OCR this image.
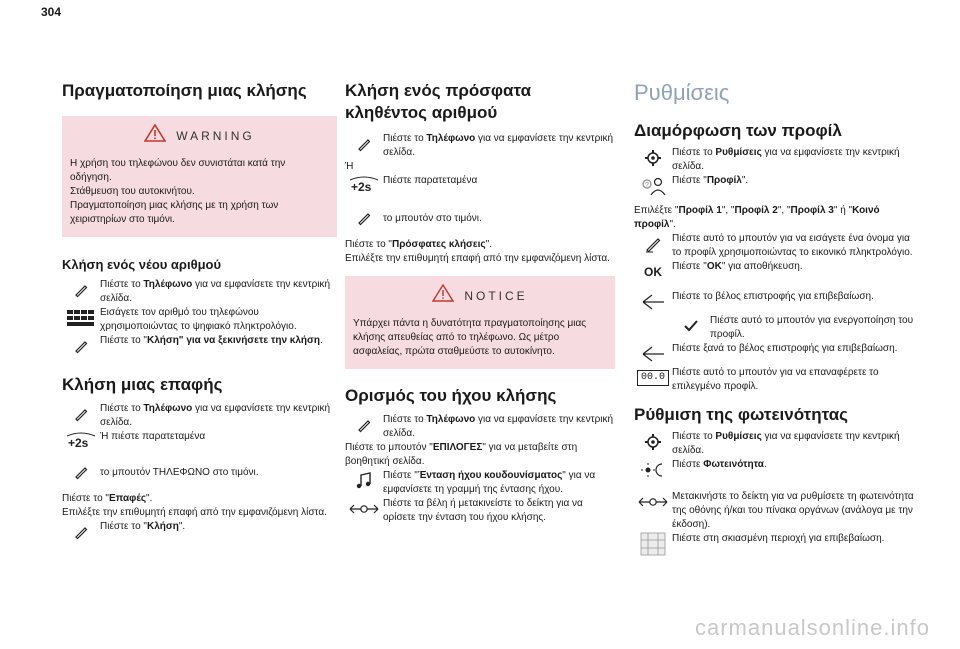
304
Πραγματοποίηση μιας κλήσης
WARNING
Η χρήση του τηλεφώνου δεν συνιστάται κατά την οδήγηση.
Στάθμευση του αυτοκινήτου.
Πραγματοποίηση μιας κλήσης με τη χρήση των χειριστηρίων στο τιμόνι.
Κλήση ενός νέου αριθμού
Πιέστε το Τηλέφωνο για να εμφανίσετε την κεντρική σελίδα.
Εισάγετε τον αριθμό του τηλεφώνου χρησιμοποιώντας το ψηφιακό πληκτρολόγιο.
Πιέστε το "Κλήση" για να ξεκινήσετε την κλήση.
Κλήση μιας επαφής
Πιέστε το Τηλέφωνο για να εμφανίσετε την κεντρική σελίδα.
+2s Ή πιέστε παρατεταμένα
το μπουτόν ΤΗΛΕΦΩΝΟ στο τιμόνι.
Πιέστε το "Επαφές".
Επιλέξτε την επιθυμητή επαφή από την εμφανιζόμενη λίστα.
Πιέστε το "Κλήση".
Κλήση ενός πρόσφατα κληθέντος αριθμού
Πιέστε το Τηλέφωνο για να εμφανίσετε την κεντρική σελίδα.
Ή
+2s Πιέστε παρατεταμένα
το μπουτόν στο τιμόνι.
Πιέστε το "Πρόσφατες κλήσεις".
Επιλέξτε την επιθυμητή επαφή από την εμφανιζόμενη λίστα.
NOTICE
Υπάρχει πάντα η δυνατότητα πραγματοποίησης μιας κλήσης απευθείας από το τηλέφωνο. Ως μέτρο ασφαλείας, πρώτα σταθμεύστε το αυτοκίνητο.
Ορισμός του ήχου κλήσης
Πιέστε το Τηλέφωνο για να εμφανίσετε την κεντρική σελίδα.
Πιέστε το μπουτόν "ΕΠΙΛΟΓΕΣ" για να μεταβείτε στη βοηθητική σελίδα.
Πιέστε "Ένταση ήχου κουδουνίσματος" για να εμφανίσετε τη γραμμή της έντασης ήχου.
Πιέστε τα βέλη ή μετακινείστε το δείκτη για να ορίσετε την ένταση του ήχου κλήσης.
Ρυθμίσεις
Διαμόρφωση των προφίλ
Πιέστε το Ρυθμίσεις για να εμφανίσετε την κεντρική σελίδα.
? Πιέστε "Προφίλ".
Επιλέξτε "Προφίλ 1", "Προφίλ 2", "Προφίλ 3" ή "Κοινό προφίλ".
Πιέστε αυτό το μπουτόν για να εισάγετε ένα όνομα για το προφίλ χρησιμοποιώντας το εικονικό πληκτρολόγιο.
OK Πιέστε "OK" για αποθήκευση.
Πιέστε το βέλος επιστροφής για επιβεβαίωση.
Πιέστε αυτό το μπουτόν για ενεργοποίηση του προφίλ.
Πιέστε ξανά το βέλος επιστροφής για επιβεβαίωση.
00.0 Πιέστε αυτό το μπουτόν για να επαναφέρετε το επιλεγμένο προφίλ.
Ρύθμιση της φωτεινότητας
Πιέστε το Ρυθμίσεις για να εμφανίσετε την κεντρική σελίδα.
Πιέστε Φωτεινότητα.
Μετακινήστε το δείκτη για να ρυθμίσετε τη φωτεινότητα της οθόνης ή/και του πίνακα οργάνων (ανάλογα με την έκδοση).
Πιέστε στη σκιασμένη περιοχή για επιβεβαίωση.
carmanualsonline.info
